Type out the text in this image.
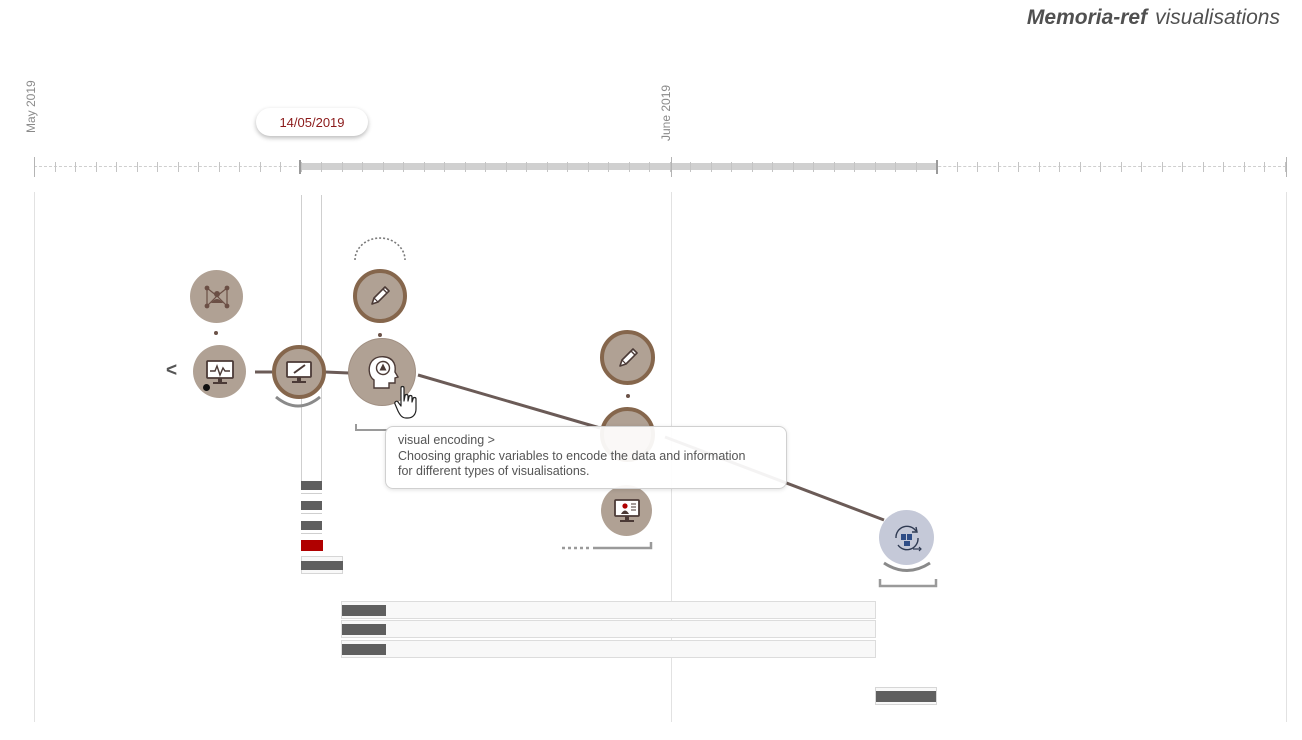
Memoria-ref visualisations
May 2019	June 2019
14/05/2019
<
visual encoding >
Choosing graphic variables to encode the data and information
for different types of visualisations.
